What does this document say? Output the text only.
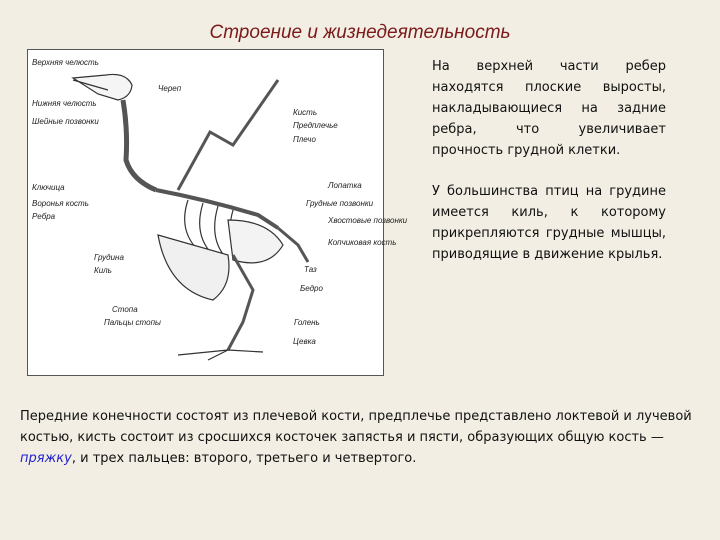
Строение и жизнедеятельность
Верхняя челюсть
Нижняя челюсть
Шейные позвонки
Ключица
Воронья кость
Ребра
Грудина
Киль
Стопа
Пальцы стопы
Череп
Кисть
Предплечье
Плечо
Лопатка
Грудные позвонки
Хвостовые позвонки
Копчиковая кость
Таз
Бедро
Голень
Цевка

На верхней части ребер находятся плоские выросты, накладывающиеся на задние ребра, что увеличивает прочность грудной клетки.

У большинства птиц на грудине имеется киль, к которому прикрепляются грудные мышцы, приводящие в движение крылья.

Передние конечности состоят из плечевой кости, предплечье представлено локтевой и лучевой костью, кисть состоит из сросшихся косточек запястья и пясти, образующих общую кость — пряжку, и трех пальцев: второго, третьего и четвертого.
